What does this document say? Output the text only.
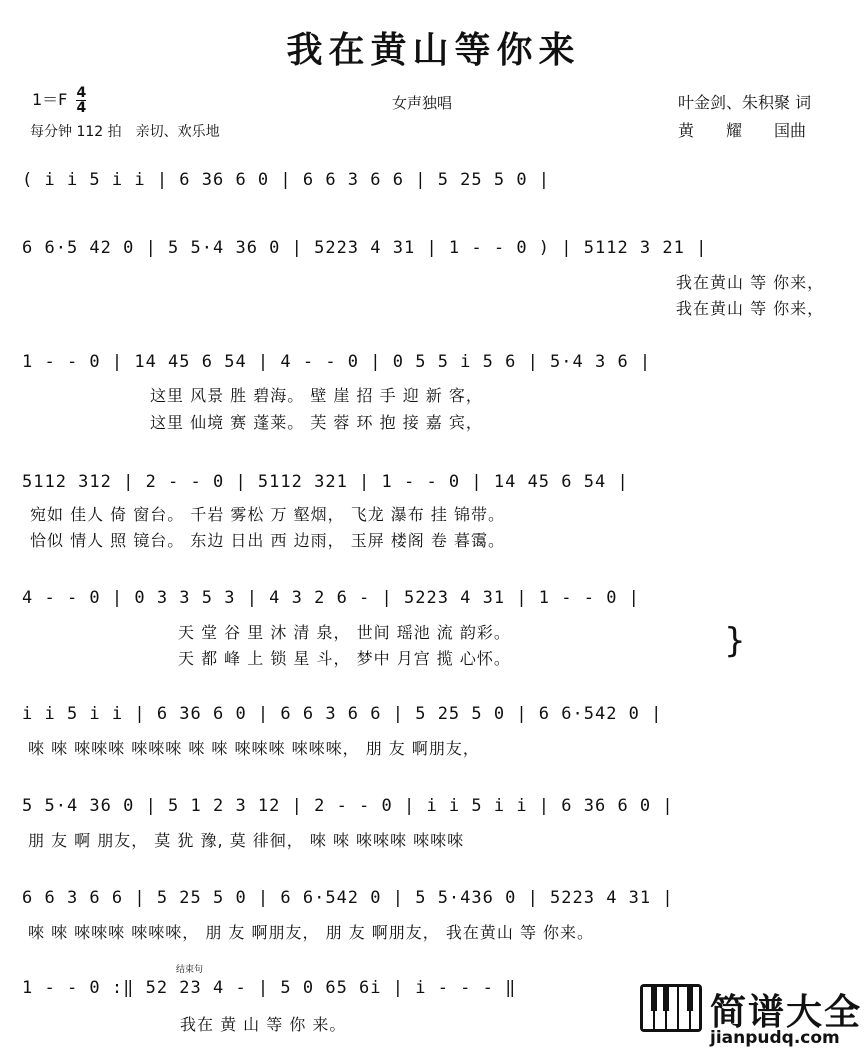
我在黄山等你来
$1=F \frac{4}{4}$	女声独唱	叶金剑、朱积聚 词
每分钟 112 拍　亲切、欢乐地	黄　　耀　　国曲
( i i 5 i i | 6 36 6 0 | 6 6 3 6 6 | 5 25 5 0 |
6 6·5 42 0 | 5 5·4 36 0 | 5223 4 31 | 1 - - 0 ) | 5112 3 21 |
我在黄山 等 你来，
我在黄山 等 你来，
1 - - 0 | 14 45 6 54 | 4 - - 0 | 0 5 5 i 5 6 | 5·4 3 6 |
这里 风景 胜 碧海。 壁 崖 招 手 迎 新 客，
这里 仙境 赛 蓬莱。 芙 蓉 环 抱 接 嘉 宾，
5112 312 | 2 - - 0 | 5112 321 | 1 - - 0 | 14 45 6 54 |
宛如 佳人 倚 窗台。 千岩 雾松 万 壑烟， 飞龙 瀑布 挂 锦带。
恰似 情人 照 镜台。 东边 日出 西 边雨， 玉屏 楼阁 卷 暮霭。
4 - - 0 | 0 3 3 5 3 | 4 3 2 6 - | 5223 4 31 | 1 - - 0 |
天 堂 谷 里 沐 清 泉， 世间 瑶池 流 韵彩。
天 都 峰 上 锁 星 斗， 梦中 月宫 揽 心怀。	}
i i 5 i i | 6 36 6 0 | 6 6 3 6 6 | 5 25 5 0 | 6 6·542 0 |
唻 唻 唻唻唻 唻唻唻 唻 唻 唻唻唻 唻唻唻， 朋 友 啊朋友，
5 5·4 36 0 | 5 1 2 3 12 | 2 - - 0 | i i 5 i i | 6 36 6 0 |
朋 友 啊 朋友， 莫 犹 豫, 莫 徘徊， 唻 唻 唻唻唻 唻唻唻
6 6 3 6 6 | 5 25 5 0 | 6 6·542 0 | 5 5·436 0 | 5223 4 31 |
唻 唻 唻唻唻 唻唻唻， 朋 友 啊朋友， 朋 友 啊朋友， 我在黄山 等 你来。
结束句
1 - - 0 :‖ 52 23 4 - | 5 0 65 6i | i - - - ‖
我在 黄 山 等 你 来。	简谱大全
jianpudq.com
